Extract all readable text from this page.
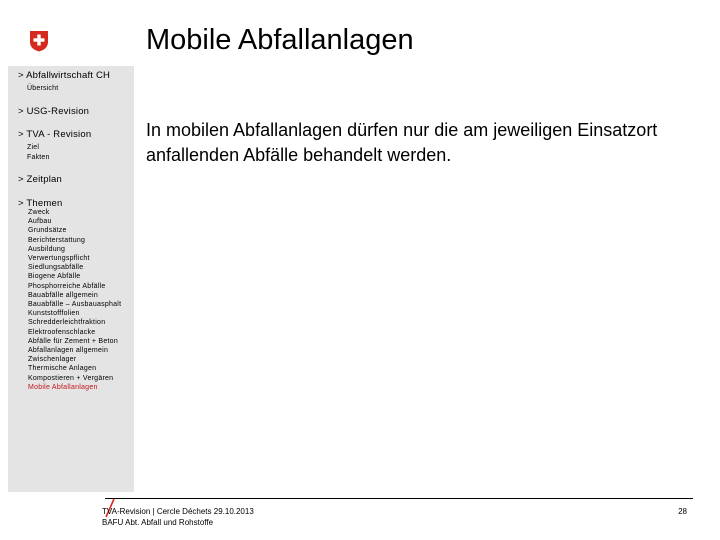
Mobile Abfallanlagen
> Abfallwirtschaft CH
Übersicht
> USG-Revision
> TVA - Revision
Ziel
Fakten
> Zeitplan
> Themen
Zweck
Aufbau
Grundsätze
Berichterstattung
Ausbildung
Verwertungspflicht
Siedlungsabfälle
Biogene Abfälle
Phosphorreiche Abfälle
Bauabfälle allgemein
Bauabfälle – Ausbauasphalt
Kunststofffolien
Schredderleichtfraktion
Elektroofenschlacke
Abfälle für Zement + Beton
Abfallanlagen allgemein
Zwischenlager
Thermische Anlagen
Kompostieren + Vergären
Mobile Abfallanlagen
In mobilen Abfallanlagen dürfen nur die am jeweiligen Einsatzort anfallenden Abfälle behandelt werden.
TVA-Revision | Cercle Déchets 29.10.2013
BAFU Abt. Abfall und Rohstoffe
28
